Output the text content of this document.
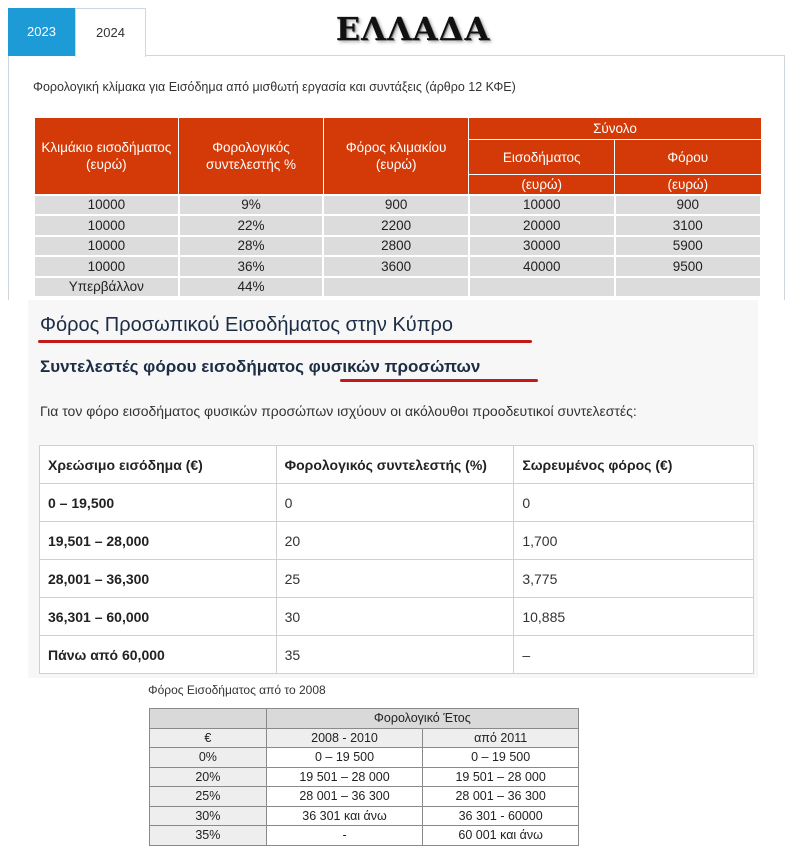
2023	2024	ΕΛΛΑΔΑ
Φορολογική κλίμακα για Εισόδημα από μισθωτή εργασία και συντάξεις (άρθρο 12 ΚΦΕ)
Κλιμάκιο εισοδήματος (ευρώ)	Φορολογικός συντελεστής %	Φόρος κλιμακίου (ευρώ)	Σύνολο	
			Εισοδήματος	Φόρου
			(ευρώ)	(ευρώ)
10000	9%	900	10000	900
10000	22%	2200	20000	3100
10000	28%	2800	30000	5900
10000	36%	3600	40000	9500
Υπερβάλλον	44%			
Φόρος Προσωπικού Εισοδήματος στην Κύπρο
Συντελεστές φόρου εισοδήματος φυσικών προσώπων
Για τον φόρο εισοδήματος φυσικών προσώπων ισχύουν οι ακόλουθοι προοδευτικοί συντελεστές:
Χρεώσιμο εισόδημα (€)	Φορολογικός συντελεστής (%)	Σωρευμένος φόρος (€)
0 – 19,500	0	0
19,501 – 28,000	20	1,700
28,001 – 36,300	25	3,775
36,301 – 60,000	30	10,885
Πάνω από 60,000	35	–
Φόρος Εισοδήματος από το 2008
	Φορολογικό Έτος	
€	2008 - 2010	από 2011
0%	0 – 19 500	0 – 19 500
20%	19 501 – 28 000	19 501 – 28 000
25%	28 001 – 36 300	28 001 – 36 300
30%	36 301 και άνω	36 301 - 60000
35%	-	60 001 και άνω
